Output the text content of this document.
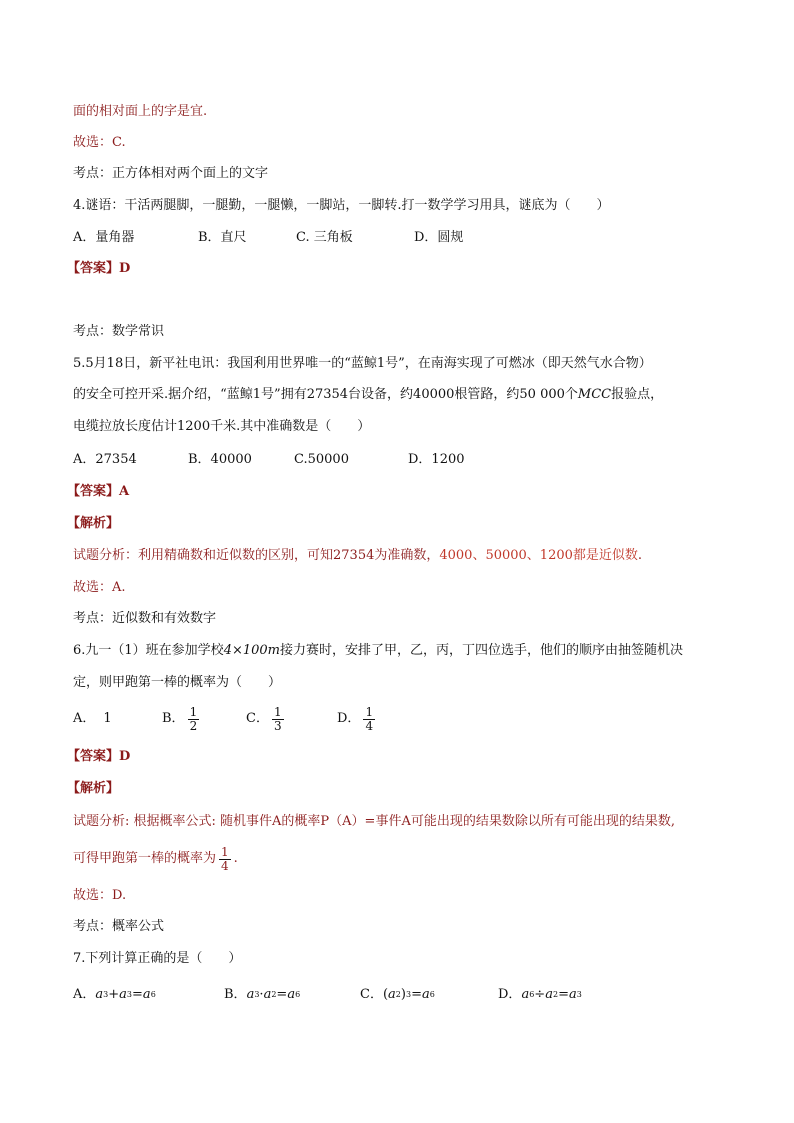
面的相对面上的字是宜.
故选：C.
考点：正方体相对两个面上的文字
4.谜语：干活两腿脚，一腿勤，一腿懒，一脚站，一脚转.打一数学学习用具，谜底为（　　）
A．量角器	B．直尺	C. 三角板	D．圆规
【答案】D
考点：数学常识
5.5月18日，新平社电讯：我国利用世界唯一的“蓝鲸1号”，在南海实现了可燃冰（即天然气水合物）
的安全可控开采.据介绍，“蓝鲸1号”拥有27354台设备，约40000根管路，约50 000个MCC报验点，
电缆拉放长度估计1200千米.其中准确数是（　　）
A．27354	B．40000	C.50000	D．1200
【答案】A
【解析】
试题分析：利用精确数和近似数的区别，可知27354为准确数，4000、50000、1200都是近似数.
故选：A.
考点：近似数和有效数字
6.九一（1）班在参加学校4×100m接力赛时，安排了甲，乙，丙，丁四位选手，他们的顺序由抽签随机决
定，则甲跑第一棒的概率为（　　）
A． 1	B． $\frac{1}{2}$	C． $\frac{1}{3}$	D． $\frac{1}{4}$
【答案】D
【解析】
试题分析: 根据概率公式: 随机事件A的概率P（A）=事件A可能出现的结果数除以所有可能出现的结果数,
可得甲跑第一棒的概率为 $\frac{1}{4}$ .
故选：D.
考点：概率公式
7.下列计算正确的是（　　）
A． a 3 + a 3 = a 6	B． a 3 · a 2 = a 6	C． ( a 2 ) 3 = a 6	D． a 6 ÷ a 2 = a 3
